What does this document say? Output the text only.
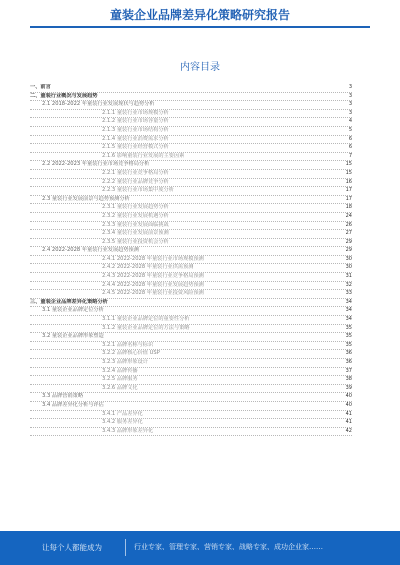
童装企业品牌差异化策略研究报告
内容目录
一、前言	3
二、童装行业概况与发展趋势	3
2.1 2018-2022 年童装行业发展现状与趋势分析	3
2.1.1 童装行业市场规模分析	3
2.1.2 童装行业市场容量分析	4
2.1.3 童装行业市场结构分析	5
2.1.4 童装行业消费需求分析	6
2.1.5 童装行业经营模式分析	6
2.1.6 影响童装行业发展的主要因素	7
2.2 2022-2023 年童装行业市场竞争格局分析	15
2.2.1 童装行业竞争格局分析	15
2.2.2 童装行业品牌竞争分析	16
2.2.3 童装行业市场集中度分析	17
2.3 童装行业发展前景与趋势预测分析	17
2.3.1 童装行业发展趋势分析	18
2.3.2 童装行业发展机遇分析	24
2.3.3 童装行业发展面临挑战	26
2.3.4 童装行业发展前景预测	27
2.3.5 童装行业投资机会分析	29
2.4 2022-2028 年童装行业发展趋势预测	29
2.4.1 2022-2028 年童装行业市场规模预测	30
2.4.2 2022-2028 年童装行业供需预测	30
2.4.3 2022-2028 年童装行业竞争格局预测	31
2.4.4 2022-2028 年童装行业发展趋势预测	32
2.4.5 2022-2028 年童装行业投资风险预测	33
三、童装企业品牌差异化策略分析	34
3.1 童装企业品牌定位分析	34
3.1.1 童装企业品牌定位的重要性分析	34
3.1.2 童装企业品牌定位的方法与策略	35
3.2 童装企业品牌形象塑造	35
3.2.1 品牌名称与标识	35
3.2.2 品牌核心价值 USP	36
3.2.3 品牌形象设计	36
3.2.4 品牌传播	37
3.2.5 品牌服务	38
3.2.6 品牌文化	39
3.3 品牌营销策略	40
3.4 品牌差异化分析与评估	40
3.4.1 产品差异化	41
3.4.2 服务差异化	41
3.4.3 品牌形象差异化	42
让每个人都能成为	行业专家、管理专家、营销专家、战略专家、成功企业家……
